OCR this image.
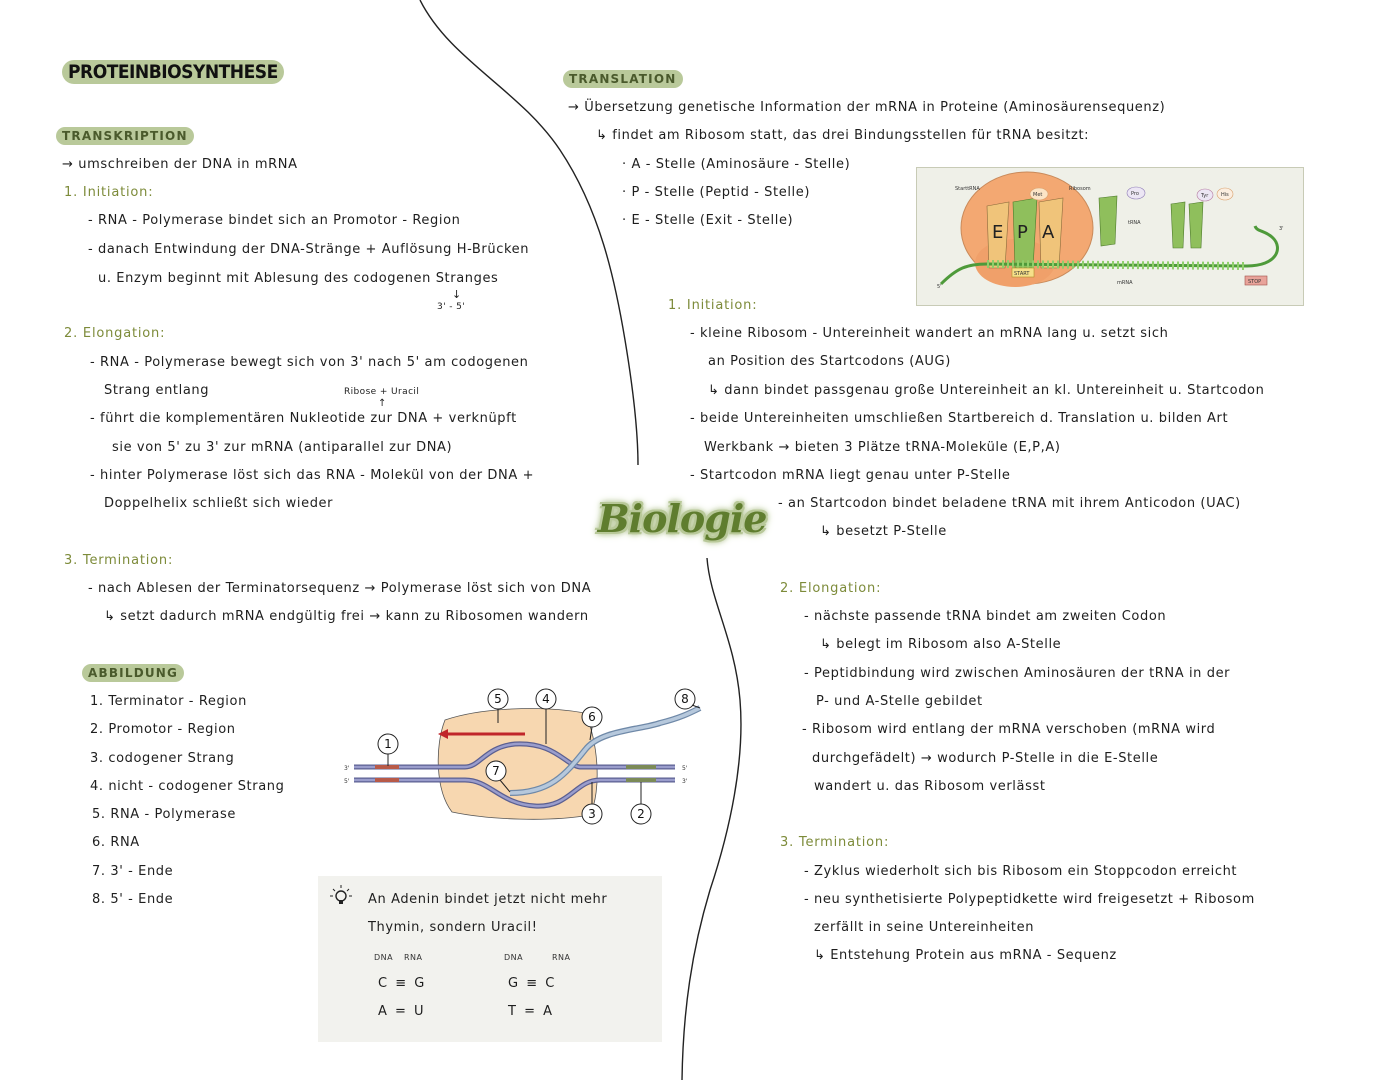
PROTEINBIOSYNTHESE
TRANSKRIPTION
→ umschreiben der DNA in mRNA
1. Initiation:
- RNA - Polymerase bindet sich an Promotor - Region
- danach Entwindung der DNA-Stränge + Auflösung H-Brücken
u. Enzym beginnt mit Ablesung des codogenen Stranges
↓
3' - 5'
2. Elongation:
- RNA - Polymerase bewegt sich von 3' nach 5' am codogenen
Strang entlang	Ribose + Uracil
↑
- führt die komplementären Nukleotide zur DNA + verknüpft
sie von 5' zu 3' zur mRNA (antiparallel zur DNA)
- hinter Polymerase löst sich das RNA - Molekül von der DNA +
Doppelhelix schließt sich wieder
3. Termination:
- nach Ablesen der Terminatorsequenz → Polymerase löst sich von DNA
↳ setzt dadurch mRNA endgültig frei → kann zu Ribosomen wandern
ABBILDUNG
1. Terminator - Region
2. Promotor - Region
3. codogener Strang
4. nicht - codogener Strang
5. RNA - Polymerase
6. RNA
7. 3' - Ende
8. 5' - Ende
3'
5'
5'
3'
1
2
3
4
5
6
7
8
An Adenin bindet jetzt nicht mehr
Thymin, sondern Uracil!
DNA RNA
C ≡ G
A = U
DNA	RNA
G ≡ C
T = A
Biologie
TRANSLATION
→ Übersetzung genetische Information der mRNA in Proteine (Aminosäurensequenz)
↳ findet am Ribosom statt, das drei Bindungsstellen für tRNA besitzt:
· A - Stelle (Aminosäure - Stelle)
· P - Stelle (Peptid - Stelle)
· E - Stelle (Exit - Stelle)
E P A
StarttRNA
Met
Ribosom
Pro
tRNA
Tyr	His
mRNA
5'
3'
START
STOP
1. Initiation:
- kleine Ribosom - Untereinheit wandert an mRNA lang u. setzt sich
an Position des Startcodons (AUG)
↳ dann bindet passgenau große Untereinheit an kl. Untereinheit u. Startcodon
- beide Untereinheiten umschließen Startbereich d. Translation u. bilden Art
Werkbank → bieten 3 Plätze tRNA-Moleküle (E,P,A)
- Startcodon mRNA liegt genau unter P-Stelle
- an Startcodon bindet beladene tRNA mit ihrem Anticodon (UAC)
↳ besetzt P-Stelle
2. Elongation:
- nächste passende tRNA bindet am zweiten Codon
↳ belegt im Ribosom also A-Stelle
- Peptidbindung wird zwischen Aminosäuren der tRNA in der
P- und A-Stelle gebildet
- Ribosom wird entlang der mRNA verschoben (mRNA wird
durchgefädelt) → wodurch P-Stelle in die E-Stelle
wandert u. das Ribosom verlässt
3. Termination:
- Zyklus wiederholt sich bis Ribosom ein Stoppcodon erreicht
- neu synthetisierte Polypeptidkette wird freigesetzt + Ribosom
zerfällt in seine Untereinheiten
↳ Entstehung Protein aus mRNA - Sequenz
